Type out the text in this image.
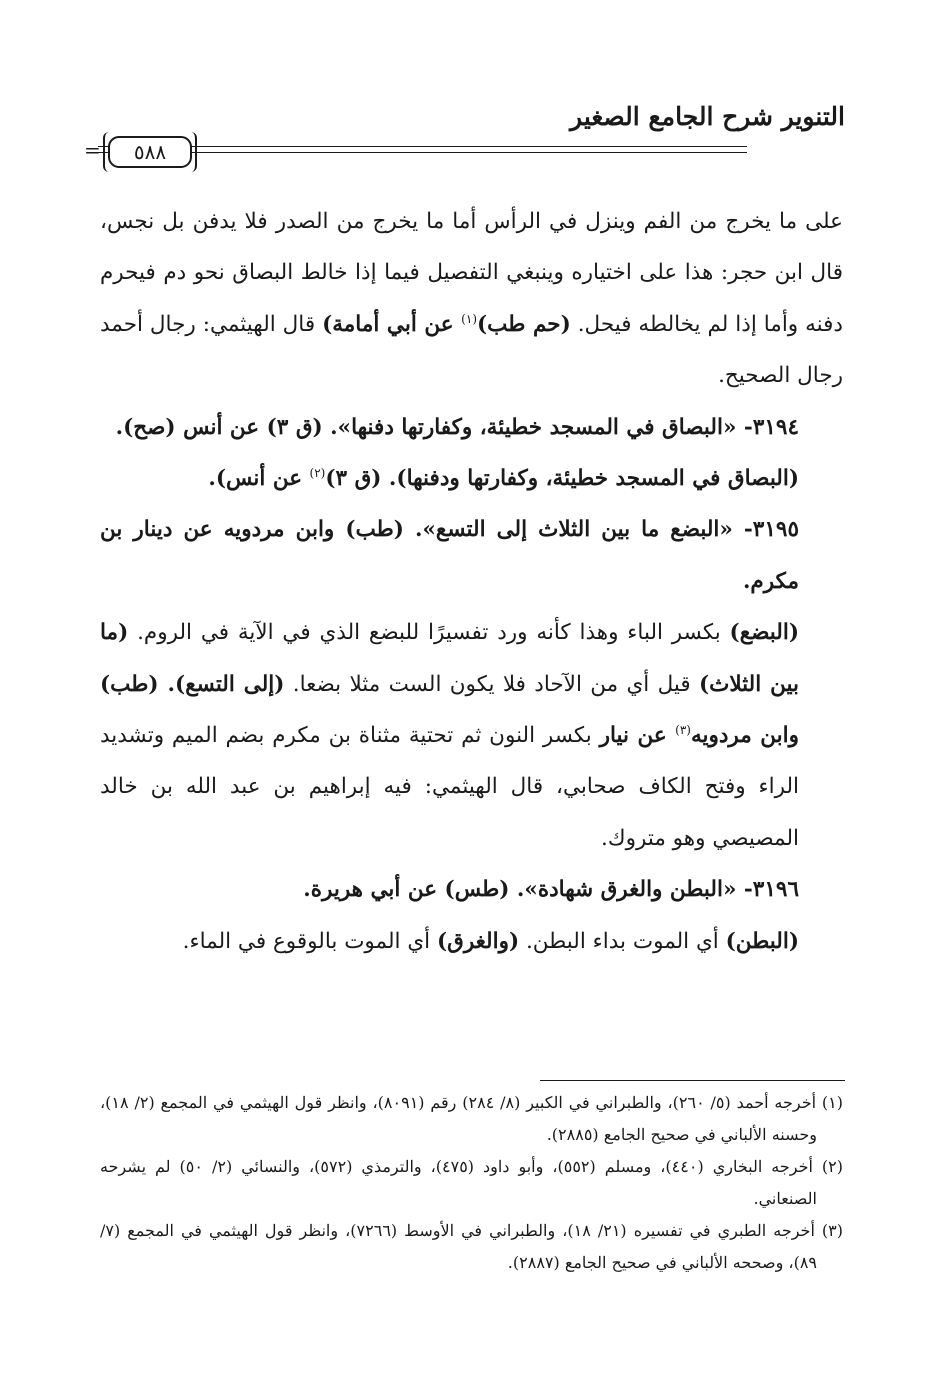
التنوير شرح الجامع الصغير
٥٨٨
=

على ما يخرج من الفم وينزل في الرأس أما ما يخرج من الصدر فلا يدفن بل نجس، قال ابن حجر: هذا على اختياره وينبغي التفصيل فيما إذا خالط البصاق نحو دم فيحرم دفنه وأما إذا لم يخالطه فيحل. (حم طب)$^{(١)}$ عن أبي أمامة) قال الهيثمي: رجال أحمد رجال الصحيح.

٣١٩٤- «البصاق في المسجد خطيئة، وكفارتها دفنها». (ق ٣) عن أنس (صح).

(البصاق في المسجد خطيئة، وكفارتها ودفنها). (ق ٣)$^{(٢)}$ عن أنس).

٣١٩٥- «البضع ما بين الثلاث إلى التسع». (طب) وابن مردويه عن دينار بن مكرم.

(البضع) بكسر الباء وهذا كأنه ورد تفسيرًا للبضع الذي في الآية في الروم. (ما بين الثلاث) قيل أي من الآحاد فلا يكون الست مثلا بضعا. (إلى التسع). (طب) وابن مردويه$^{(٣)}$ عن نيار بكسر النون ثم تحتية مثناة بن مكرم بضم الميم وتشديد الراء وفتح الكاف صحابي، قال الهيثمي: فيه إبراهيم بن عبد الله بن خالد المصيصي وهو متروك.

٣١٩٦- «البطن والغرق شهادة». (طس) عن أبي هريرة.

(البطن) أي الموت بداء البطن. (والغرق) أي الموت بالوقوع في الماء.

(١) أخرجه أحمد (٥/ ٢٦٠)، والطبراني في الكبير (٨/ ٢٨٤) رقم (٨٠٩١)، وانظر قول الهيثمي في المجمع (٢/ ١٨)، وحسنه الألباني في صحيح الجامع (٢٨٨٥).

(٢) أخرجه البخاري (٤٤٠)، ومسلم (٥٥٢)، وأبو داود (٤٧٥)، والترمذي (٥٧٢)، والنسائي (٢/ ٥٠) لم يشرحه الصنعاني.

(٣) أخرجه الطبري في تفسيره (٢١/ ١٨)، والطبراني في الأوسط (٧٢٦٦)، وانظر قول الهيثمي في المجمع (٧/ ٨٩)، وصححه الألباني في صحيح الجامع (٢٨٨٧).
